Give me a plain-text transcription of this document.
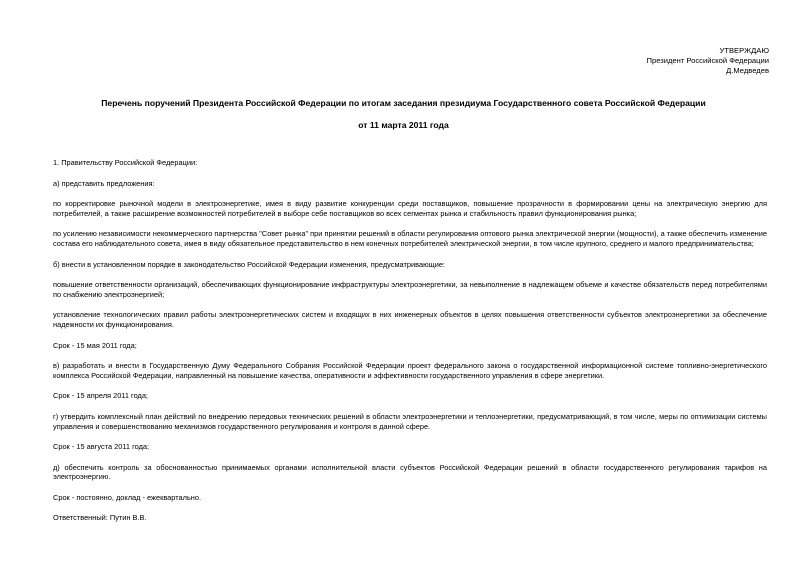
УТВЕРЖДАЮ
Президент Российской Федерации
Д.Медведев
Перечень поручений Президента Российской Федерации по итогам заседания президиума Государственного совета Российской Федерации
от 11 марта 2011 года

1. Правительству Российской Федерации:

а) представить предложения:

по корректировке рыночной модели в электроэнергетике, имея в виду развитие конкуренции среди поставщиков, повышение прозрачности в формировании цены на электрическую энергию для потребителей, а также расширение возможностей потребителей в выборе себе поставщиков во всех сегментах рынка и стабильность правил функционирования рынка;

по усилению независимости некоммерческого партнерства "Совет рынка" при принятии решений в области регулирования оптового рынка электрической энергии (мощности), а также обеспечить изменение состава его наблюдательного совета, имея в виду обязательное представительство в нем конечных потребителей электрической энергии, в том числе крупного, среднего и малого предпринимательства;

б) внести в установленном порядке в законодательство Российской Федерации изменения, предусматривающие:

повышение ответственности организаций, обеспечивающих функционирование инфраструктуры электроэнергетики, за невыполнение в надлежащем объеме и качестве обязательств перед потребителями по снабжению электроэнергией;

установление технологических правил работы электроэнергетических систем и входящих в них инженерных объектов в целях повышения ответственности субъектов электроэнергетики за обеспечение надежности их функционирования.

Срок - 15 мая 2011 года;

в) разработать и внести в Государственную Думу Федерального Собрания Российской Федерации проект федерального закона о государственной информационной системе топливно-энергетического комплекса Российской Федерации, направленный на повышение качества, оперативности и эффективности государственного управления в сфере энергетики.

Срок - 15 апреля 2011 года;

г) утвердить комплексный план действий по внедрению передовых технических решений в области электроэнергетики и теплоэнергетики, предусматривающий, в том числе, меры по оптимизации системы управления и совершенствованию механизмов государственного регулирования и контроля в данной сфере.

Срок - 15 августа 2011 года;

д) обеспечить контроль за обоснованностью принимаемых органами исполнительной власти субъектов Российской Федерации решений в области государственного регулирования тарифов на электроэнергию.

Срок - постоянно, доклад - ежеквартально.

Ответственный: Путин В.В.
